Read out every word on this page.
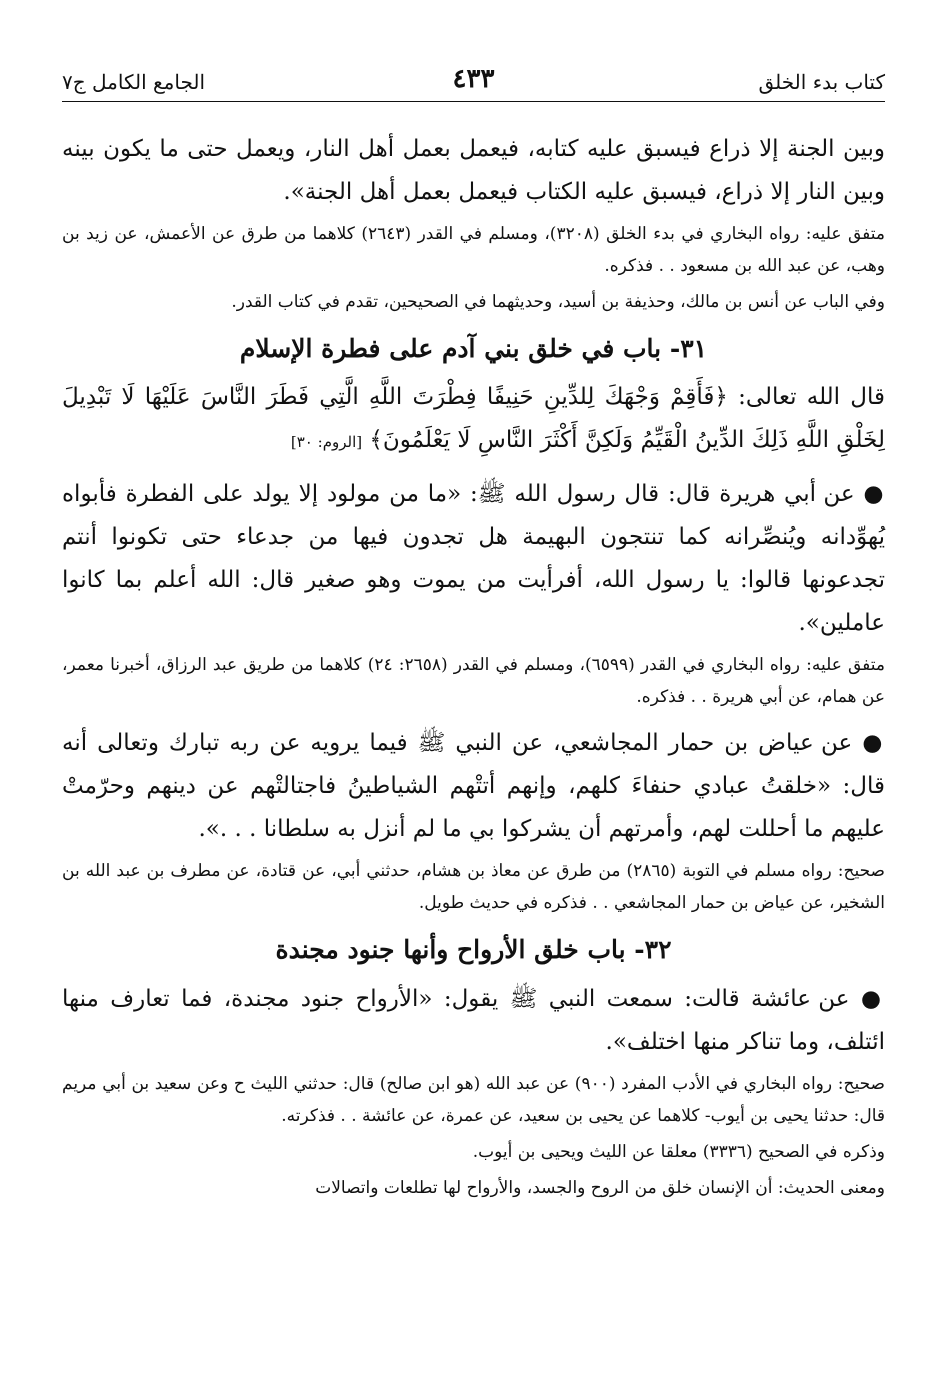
كتاب بدء الخلق
٤٣٣
الجامع الكامل ج٧

وبين الجنة إلا ذراع فيسبق عليه كتابه، فيعمل بعمل أهل النار، ويعمل حتى ما يكون بينه وبين النار إلا ذراع، فيسبق عليه الكتاب فيعمل بعمل أهل الجنة».

متفق عليه: رواه البخاري في بدء الخلق (٣٢٠٨)، ومسلم في القدر (٢٦٤٣) كلاهما من طرق عن الأعمش، عن زيد بن وهب، عن عبد الله بن مسعود . . فذكره.

وفي الباب عن أنس بن مالك، وحذيفة بن أسيد، وحديثهما في الصحيحين، تقدم في كتاب القدر.

٣١- باب في خلق بني آدم على فطرة الإسلام

قال الله تعالى: ﴿فَأَقِمْ وَجْهَكَ لِلدِّينِ حَنِيفًا فِطْرَتَ اللَّهِ الَّتِي فَطَرَ النَّاسَ عَلَيْهَا لَا تَبْدِيلَ لِخَلْقِ اللَّهِ ذَلِكَ الدِّينُ الْقَيِّمُ وَلَكِنَّ أَكْثَرَ النَّاسِ لَا يَعْلَمُونَ﴾ [الروم: ٣٠]

● عن أبي هريرة قال: قال رسول الله ﷺ: «ما من مولود إلا يولد على الفطرة فأبواه يُهوِّدانه ويُنصِّرانه كما تنتجون البهيمة هل تجدون فيها من جدعاء حتى تكونوا أنتم تجدعونها قالوا: يا رسول الله، أفرأيت من يموت وهو صغير قال: الله أعلم بما كانوا عاملين».

متفق عليه: رواه البخاري في القدر (٦٥٩٩)، ومسلم في القدر (٢٦٥٨: ٢٤) كلاهما من طريق عبد الرزاق، أخبرنا معمر، عن همام، عن أبي هريرة . . فذكره.

● عن عياض بن حمار المجاشعي، عن النبي ﷺ فيما يرويه عن ربه تبارك وتعالى أنه قال: «خلقتُ عبادي حنفاءَ كلهم، وإنهم أتتْهم الشياطينُ فاجتالتْهم عن دينهم وحرّمتْ عليهم ما أحللت لهم، وأمرتهم أن يشركوا بي ما لم أنزل به سلطانا . . .».

صحيح: رواه مسلم في التوبة (٢٨٦٥) من طرق عن معاذ بن هشام، حدثني أبي، عن قتادة، عن مطرف بن عبد الله بن الشخير، عن عياض بن حمار المجاشعي . . فذكره في حديث طويل.

٣٢- باب خلق الأرواح وأنها جنود مجندة

● عن عائشة قالت: سمعت النبي ﷺ يقول: «الأرواح جنود مجندة، فما تعارف منها ائتلف، وما تناكر منها اختلف».

صحيح: رواه البخاري في الأدب المفرد (٩٠٠) عن عبد الله (هو ابن صالح) قال: حدثني الليث ح وعن سعيد بن أبي مريم قال: حدثنا يحيى بن أيوب- كلاهما عن يحيى بن سعيد، عن عمرة، عن عائشة . . فذكرته.

وذكره في الصحيح (٣٣٣٦) معلقا عن الليث ويحيى بن أيوب.

ومعنى الحديث: أن الإنسان خلق من الروح والجسد، والأرواح لها تطلعات واتصالات
